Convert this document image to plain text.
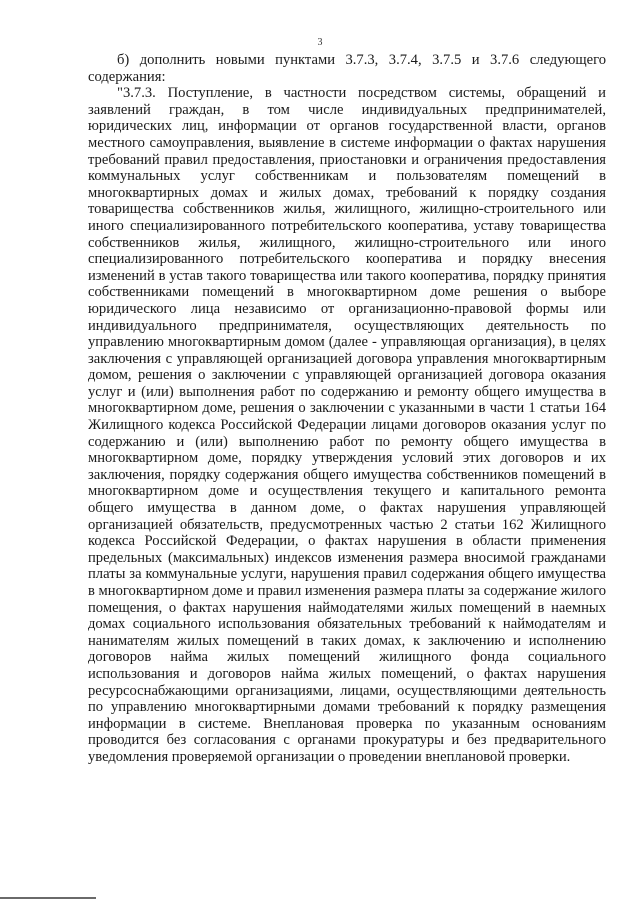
3

б) дополнить новыми пунктами 3.7.3, 3.7.4, 3.7.5 и 3.7.6 следующего содержания:

"3.7.3. Поступление, в частности посредством системы, обращений и заявлений граждан, в том числе индивидуальных предпринимателей, юридических лиц, информации от органов государственной власти, органов местного самоуправления, выявление в системе информации о фактах нарушения требований правил предоставления, приостановки и ограничения предоставления коммунальных услуг собственникам и пользователям помещений в многоквартирных домах и жилых домах, требований к порядку создания товарищества собственников жилья, жилищного, жилищно-строительного или иного специализированного потребительского кооператива, уставу товарищества собственников жилья, жилищного, жилищно-строительного или иного специализированного потребительского кооператива и порядку внесения изменений в устав такого товарищества или такого кооператива, порядку принятия собственниками помещений в многоквартирном доме решения о выборе юридического лица независимо от организационно-правовой формы или индивидуального предпринимателя, осуществляющих деятельность по управлению многоквартирным домом (далее - управляющая организация), в целях заключения с управляющей организацией договора управления многоквартирным домом, решения о заключении с управляющей организацией договора оказания услуг и (или) выполнения работ по содержанию и ремонту общего имущества в многоквартирном доме, решения о заключении с указанными в части 1 статьи 164 Жилищного кодекса Российской Федерации лицами договоров оказания услуг по содержанию и (или) выполнению работ по ремонту общего имущества в многоквартирном доме, порядку утверждения условий этих договоров и их заключения, порядку содержания общего имущества собственников помещений в многоквартирном доме и осуществления текущего и капитального ремонта общего имущества в данном доме, о фактах нарушения управляющей организацией обязательств, предусмотренных частью 2 статьи 162 Жилищного кодекса Российской Федерации, о фактах нарушения в области применения предельных (максимальных) индексов изменения размера вносимой гражданами платы за коммунальные услуги, нарушения правил содержания общего имущества в многоквартирном доме и правил изменения размера платы за содержание жилого помещения, о фактах нарушения наймодателями жилых помещений в наемных домах социального использования обязательных требований к наймодателям и нанимателям жилых помещений в таких домах, к заключению и исполнению договоров найма жилых помещений жилищного фонда социального использования и договоров найма жилых помещений, о фактах нарушения ресурсоснабжающими организациями, лицами, осуществляющими деятельность по управлению многоквартирными домами требований к порядку размещения информации в системе. Внеплановая проверка по указанным основаниям проводится без согласования с органами прокуратуры и без предварительного уведомления проверяемой организации о проведении внеплановой проверки.
